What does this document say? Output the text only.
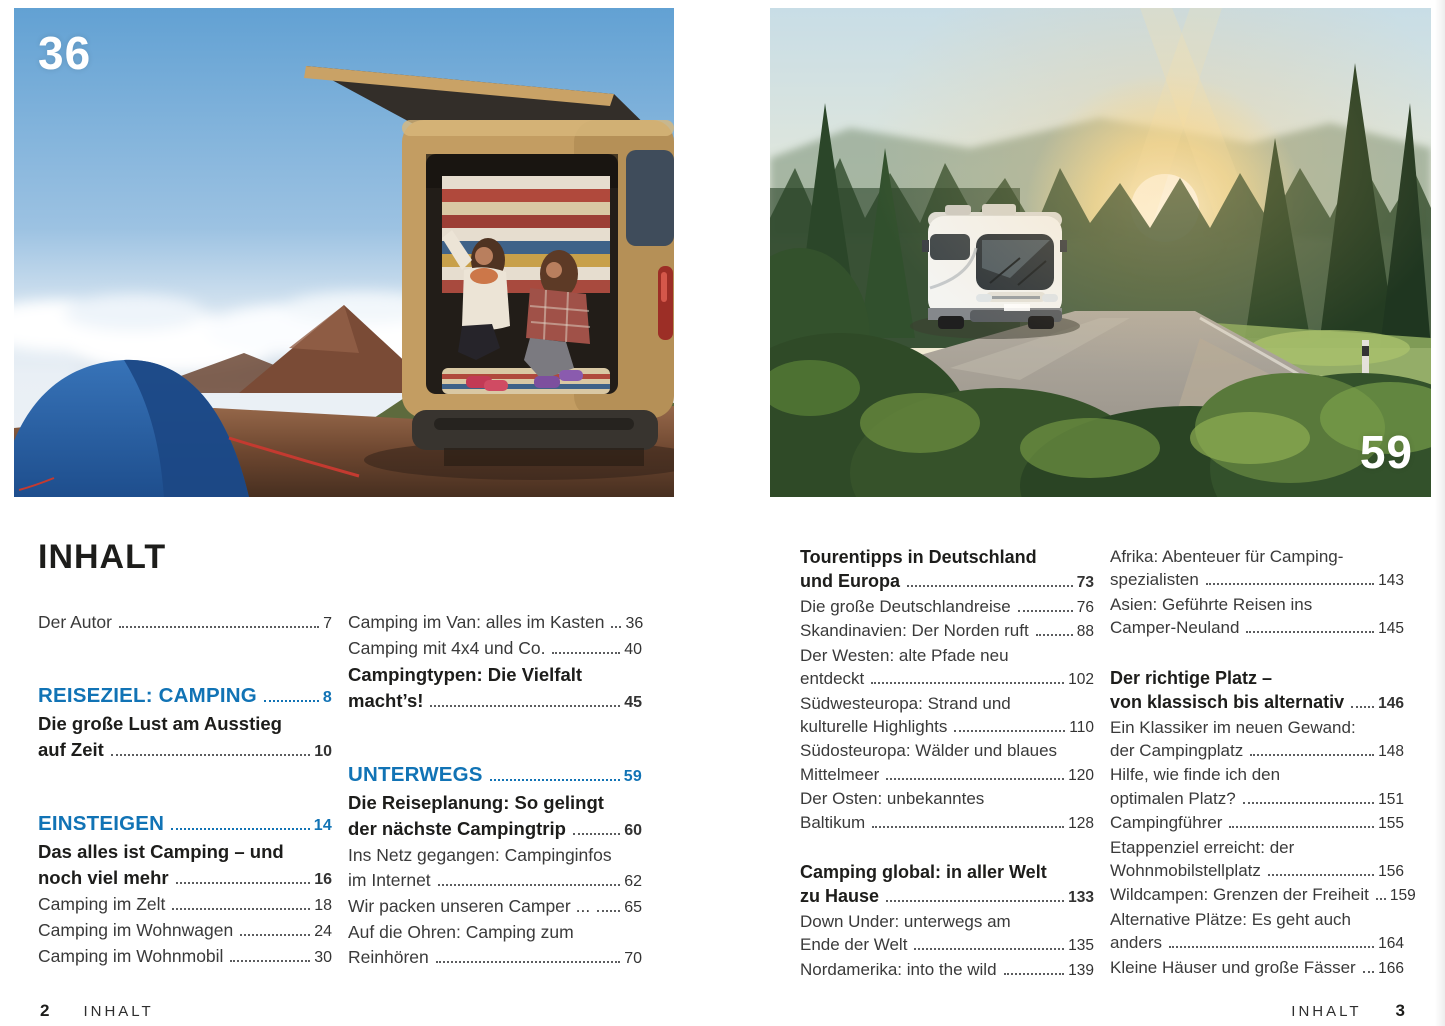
36
59
INHALT
Der Autor	7
REISEZIEL: CAMPING	8
Die große Lust am Ausstieg
auf Zeit	10
EINSTEIGEN	14
Das alles ist Camping – und
noch viel mehr	16
Camping im Zelt	18
Camping im Wohnwagen	24
Camping im Wohnmobil	30
Camping im Van: alles im Kasten 36
Camping mit 4x4 und Co.	40
Campingtypen: Die Vielfalt
macht’s!	45
UNTERWEGS	59
Die Reiseplanung: So gelingt
der nächste Campingtrip	60
Ins Netz gegangen: Campinginfos
im Internet	62
Wir packen unseren Camper ... 65
Auf die Ohren: Camping zum
Reinhören	70
Tourentipps in Deutschland
und Europa	73
Die große Deutschlandreise	76
Skandinavien: Der Norden ruft	88
Der Westen: alte Pfade neu
entdeckt	102
Südwesteuropa: Strand und
kulturelle Highlights	110
Südosteuropa: Wälder und blaues
Mittelmeer	120
Der Osten: unbekanntes
Baltikum	128
Camping global: in aller Welt
zu Hause	133
Down Under: unterwegs am
Ende der Welt	135
Nordamerika: into the wild	139
Afrika: Abenteuer für Camping-
spezialisten	143
Asien: Geführte Reisen ins
Camper-Neuland	145
Der richtige Platz –
von klassisch bis alternativ 146
Ein Klassiker im neuen Gewand:
der Campingplatz	148
Hilfe, wie finde ich den
optimalen Platz?	151
Campingführer	155
Etappenziel erreicht: der
Wohnmobilstellplatz	156
Wildcampen: Grenzen der Freiheit 159
Alternative Plätze: Es geht auch
anders	164
Kleine Häuser und große Fässer 166
2 INHALT	INHALT 3
